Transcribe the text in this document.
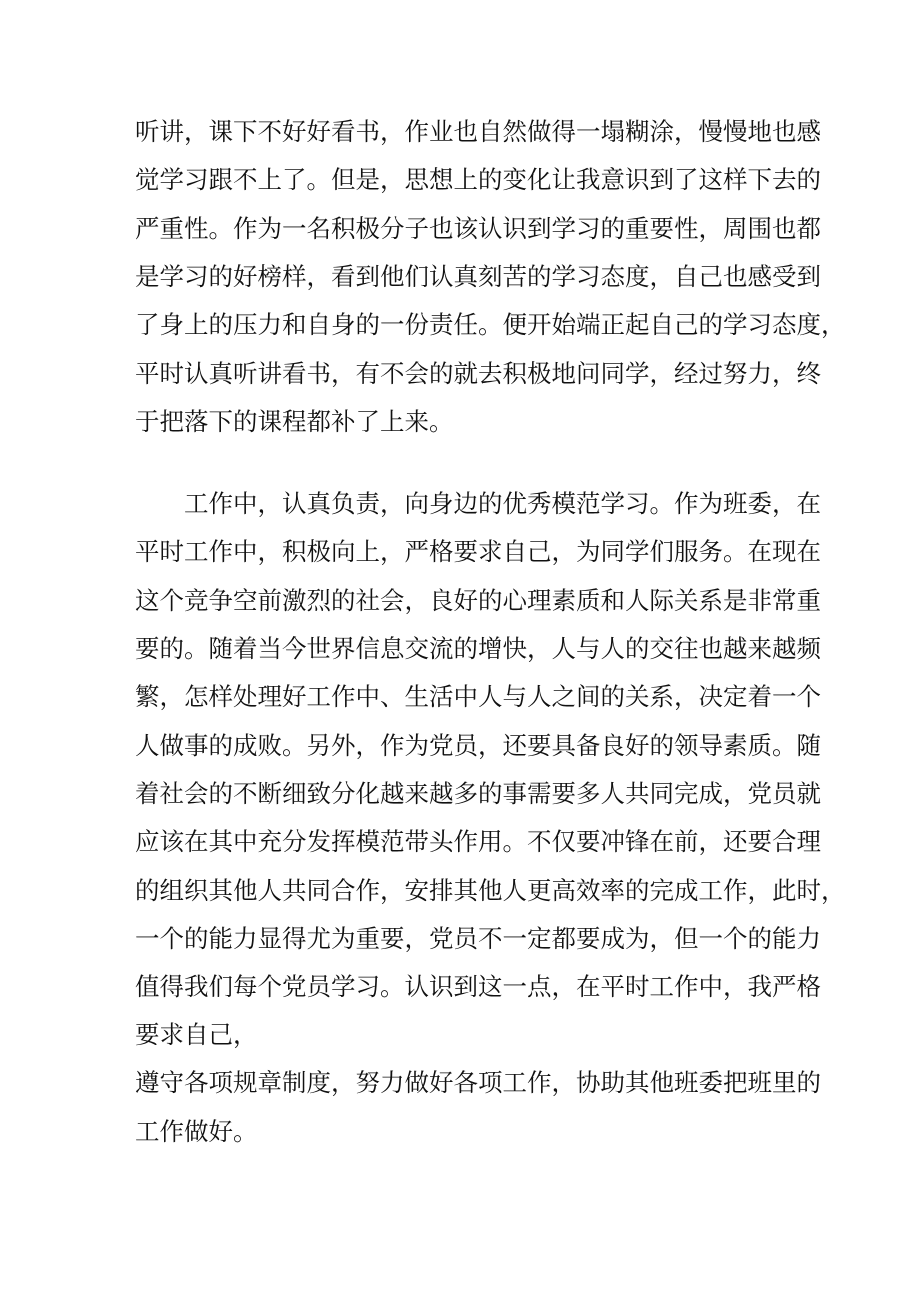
听讲，课下不好好看书，作业也自然做得一塌糊涂，慢慢地也感
觉学习跟不上了。但是，思想上的变化让我意识到了这样下去的
严重性。作为一名积极分子也该认识到学习的重要性，周围也都
是学习的好榜样，看到他们认真刻苦的学习态度，自己也感受到
了身上的压力和自身的一份责任。便开始端正起自己的学习态度，
平时认真听讲看书，有不会的就去积极地问同学，经过努力，终
于把落下的课程都补了上来。
工作中，认真负责，向身边的优秀模范学习。作为班委，在
平时工作中，积极向上，严格要求自己，为同学们服务。在现在
这个竞争空前激烈的社会，良好的心理素质和人际关系是非常重
要的。随着当今世界信息交流的增快，人与人的交往也越来越频
繁，怎样处理好工作中、生活中人与人之间的关系，决定着一个
人做事的成败。另外，作为党员，还要具备良好的领导素质。随
着社会的不断细致分化越来越多的事需要多人共同完成，党员就
应该在其中充分发挥模范带头作用。不仅要冲锋在前，还要合理
的组织其他人共同合作，安排其他人更高效率的完成工作，此时，
一个的能力显得尤为重要，党员不一定都要成为，但一个的能力
值得我们每个党员学习。认识到这一点，在平时工作中，我严格
要求自己，
遵守各项规章制度，努力做好各项工作，协助其他班委把班里的
工作做好。
